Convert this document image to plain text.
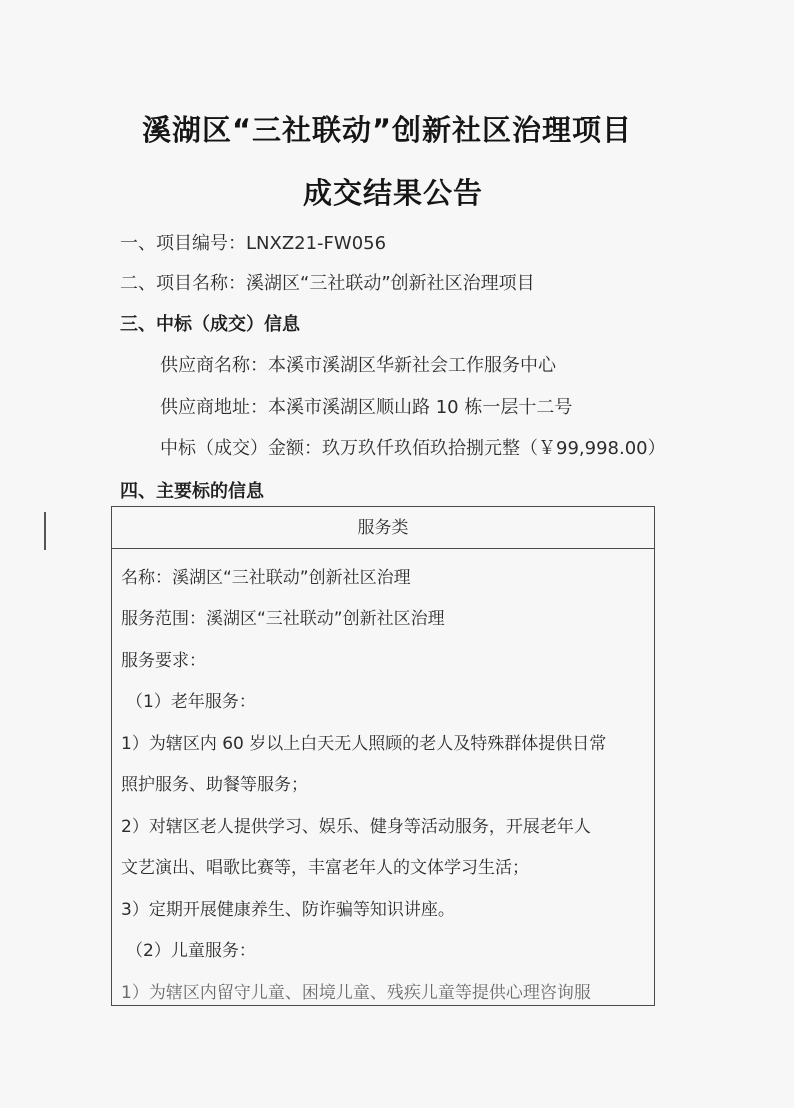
溪湖区“三社联动”创新社区治理项目
成交结果公告

一、项目编号：LNXZ21-FW056

二、项目名称：溪湖区“三社联动”创新社区治理项目

三、中标（成交）信息

供应商名称：本溪市溪湖区华新社会工作服务中心

供应商地址：本溪市溪湖区顺山路 10 栋一层十二号

中标（成交）金额：玖万玖仟玖佰玖拾捌元整（￥99,998.00）

四、主要标的信息

服务类

名称：溪湖区“三社联动”创新社区治理

服务范围：溪湖区“三社联动”创新社区治理

服务要求：

（1）老年服务：

1）为辖区内 60 岁以上白天无人照顾的老人及特殊群体提供日常

照护服务、助餐等服务；

2）对辖区老人提供学习、娱乐、健身等活动服务，开展老年人

文艺演出、唱歌比赛等，丰富老年人的文体学习生活；

3）定期开展健康养生、防诈骗等知识讲座。

（2）儿童服务：

1）为辖区内留守儿童、困境儿童、残疾儿童等提供心理咨询服
